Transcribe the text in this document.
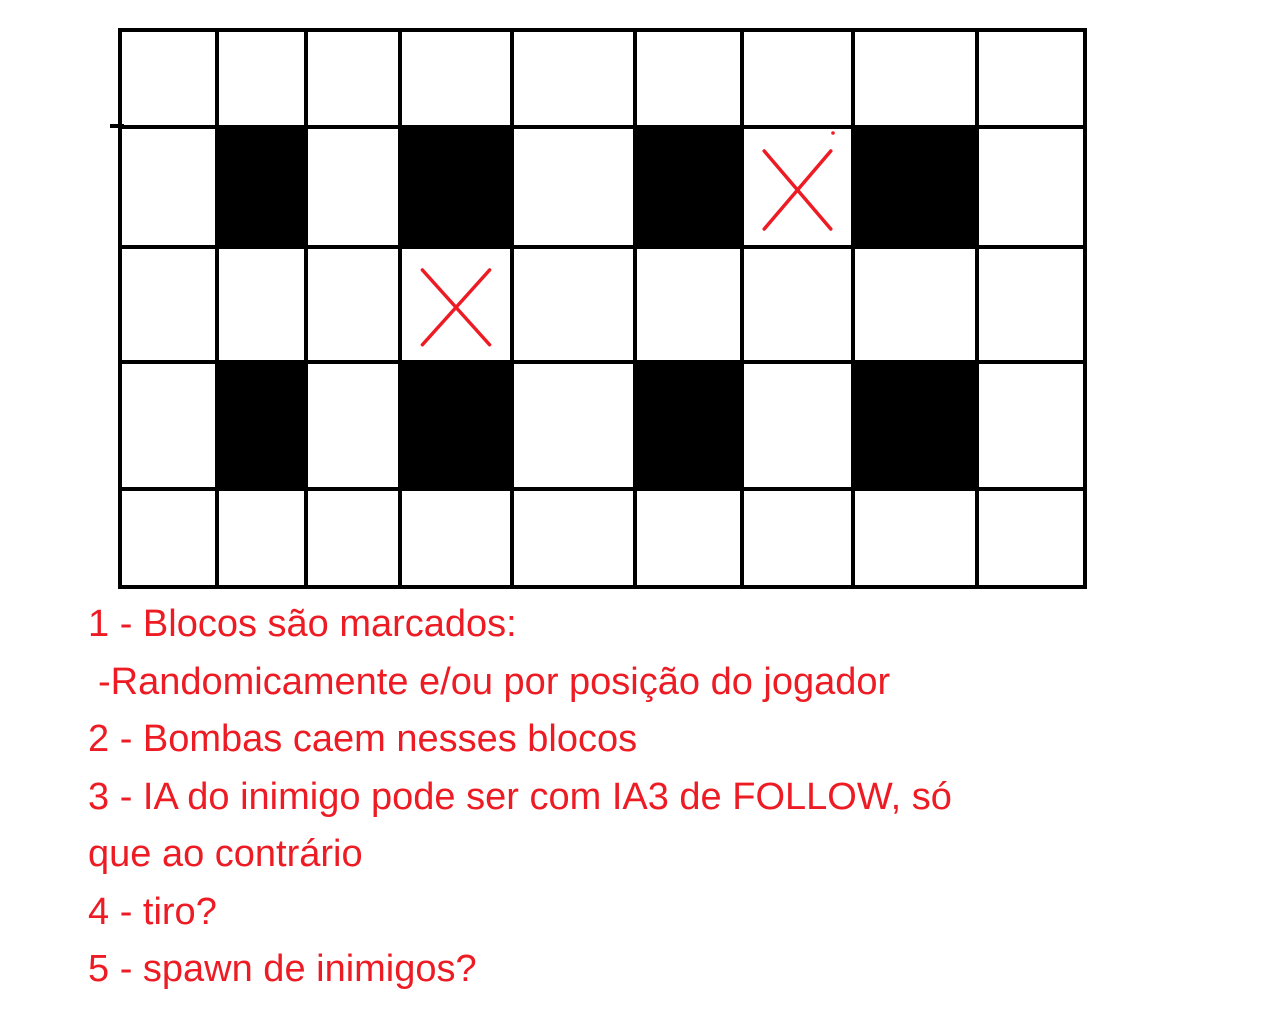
1 - Blocos são marcados:
-Randomicamente e/ou por posição do jogador
2 - Bombas caem nesses blocos
3 - IA do inimigo pode ser com IA3 de FOLLOW, só
que ao contrário
4 - tiro?
5 - spawn de inimigos?
